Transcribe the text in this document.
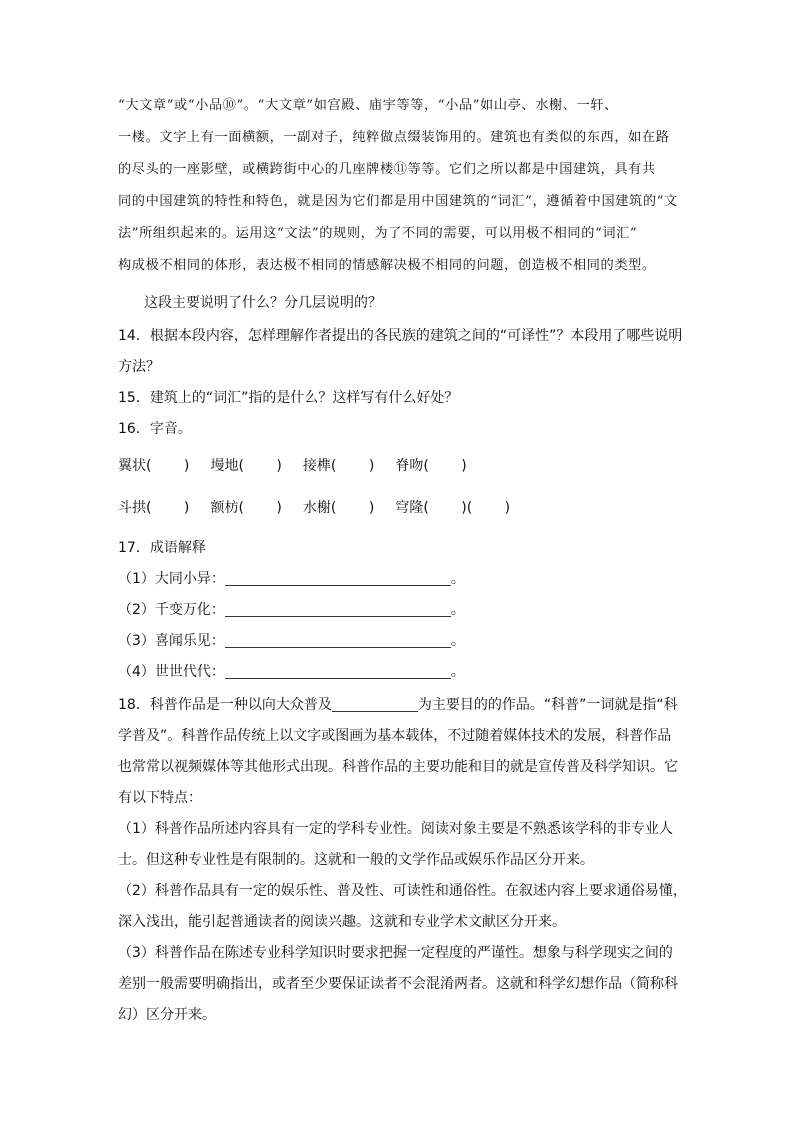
“大文章”或“小品⑩”。“大文章”如宫殿、庙宇等等，“小品”如山亭、水榭、一轩、
一楼。文字上有一面横额，一副对子，纯粹做点缀装饰用的。建筑也有类似的东西，如在路
的尽头的一座影壁，或横跨街中心的几座牌楼⑪等等。它们之所以都是中国建筑，具有共
同的中国建筑的特性和特色，就是因为它们都是用中国建筑的“词汇”，遵循着中国建筑的“文
法”所组织起来的。运用这“文法”的规则，为了不同的需要，可以用极不相同的“词汇”
构成极不相同的体形，表达极不相同的情感解决极不相同的问题，创造极不相同的类型。

这段主要说明了什么？分几层说明的？

14．根据本段内容，怎样理解作者提出的各民族的建筑之间的“可译性”？本段用了哪些说明
方法？

15．建筑上的“词汇”指的是什么？这样写有什么好处？

16．字音。

翼状(　　 ) 墁地(　　 ) 接榫(　　 ) 脊吻(　　 )
斗拱(　　 ) 额枋(　　 ) 水榭(　　 ) 穹隆(　　 )(　　 )

17．成语解释

（1）大同小异：	。
（2）千变万化：	。
（3）喜闻乐见：	。
（4）世世代代：	。
18．科普作品是一种以向大众普及	为主要目的的作品。“科普”一词就是指“科
学普及”。科普作品传统上以文字或图画为基本载体，不过随着媒体技术的发展，科普作品
也常常以视频媒体等其他形式出现。科普作品的主要功能和目的就是宣传普及科学知识。它
有以下特点：
（1）科普作品所述内容具有一定的学科专业性。阅读对象主要是不熟悉该学科的非专业人
士。但这种专业性是有限制的。这就和一般的文学作品或娱乐作品区分开来。
（2）科普作品具有一定的娱乐性、普及性、可读性和通俗性。在叙述内容上要求通俗易懂，
深入浅出，能引起普通读者的阅读兴趣。这就和专业学术文献区分开来。
（3）科普作品在陈述专业科学知识时要求把握一定程度的严谨性。想象与科学现实之间的
差别一般需要明确指出，或者至少要保证读者不会混淆两者。这就和科学幻想作品（简称科
幻）区分开来。
